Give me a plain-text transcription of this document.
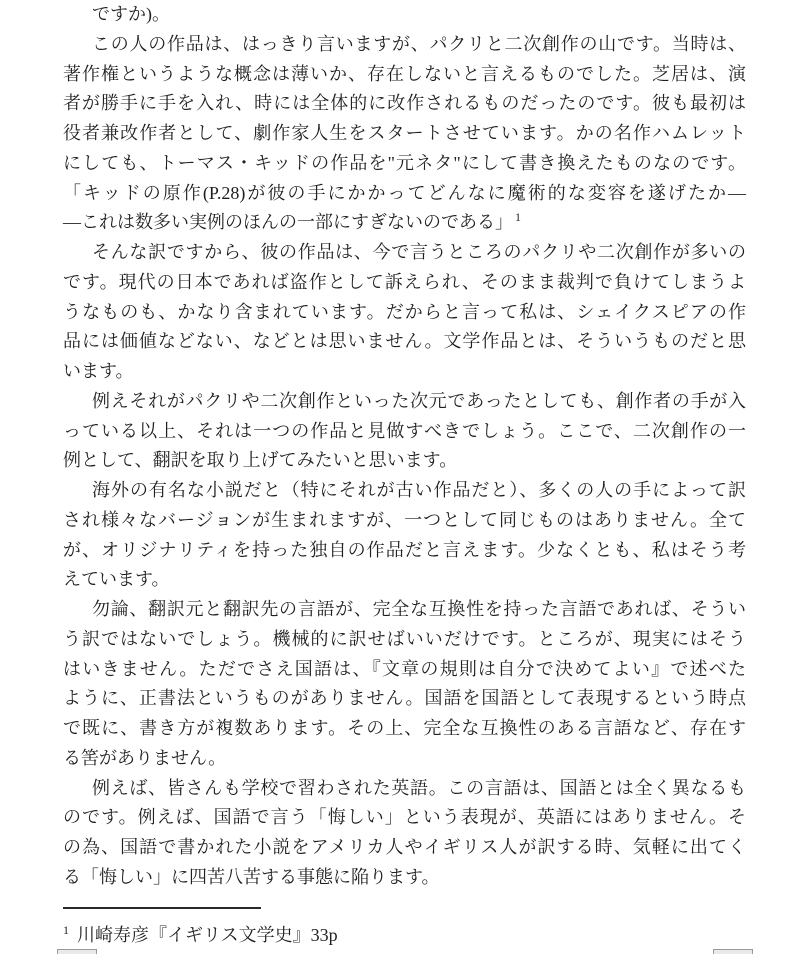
ですか)。
この人の作品は、はっきり言いますが、パクリと二次創作の山です。当時は、
著作権というような概念は薄いか、存在しないと言えるものでした。芝居は、演
者が勝手に手を入れ、時には全体的に改作されるものだったのです。彼も最初は
役者兼改作者として、劇作家人生をスタートさせています。かの名作ハムレット
にしても、トーマス・キッドの作品を"元ネタ"にして書き換えたものなのです。
「キッドの原作(P.28)が彼の手にかかってどんなに魔術的な変容を遂げたか—
—これは数多い実例のほんの一部にすぎないのである」 $^1$
そんな訳ですから、彼の作品は、今で言うところのパクリや二次創作が多いの
です。現代の日本であれば盗作として訴えられ、そのまま裁判で負けてしまうよ
うなものも、かなり含まれています。だからと言って私は、シェイクスピアの作
品には価値などない、などとは思いません。文学作品とは、そういうものだと思
います。
例えそれがパクリや二次創作といった次元であったとしても、創作者の手が入
っている以上、それは一つの作品と見做すべきでしょう。ここで、二次創作の一
例として、翻訳を取り上げてみたいと思います。
海外の有名な小説だと（特にそれが古い作品だと）、多くの人の手によって訳
され様々なバージョンが生まれますが、一つとして同じものはありません。全て
が、オリジナリティを持った独自の作品だと言えます。少なくとも、私はそう考
えています。
勿論、翻訳元と翻訳先の言語が、完全な互換性を持った言語であれば、そうい
う訳ではないでしょう。機械的に訳せばいいだけです。ところが、現実にはそう
はいきません。ただでさえ国語は、『文章の規則は自分で決めてよい』で述べた
ように、正書法というものがありません。国語を国語として表現するという時点
で既に、書き方が複数あります。その上、完全な互換性のある言語など、存在す
る筈がありません。
例えば、皆さんも学校で習わされた英語。この言語は、国語とは全く異なるも
のです。例えば、国語で言う「悔しい」という表現が、英語にはありません。そ
の為、国語で書かれた小説をアメリカ人やイギリス人が訳する時、気軽に出てく
る「悔しい」に四苦八苦する事態に陥ります。
$^1$ 川崎寿彦『イギリス文学史』33p
